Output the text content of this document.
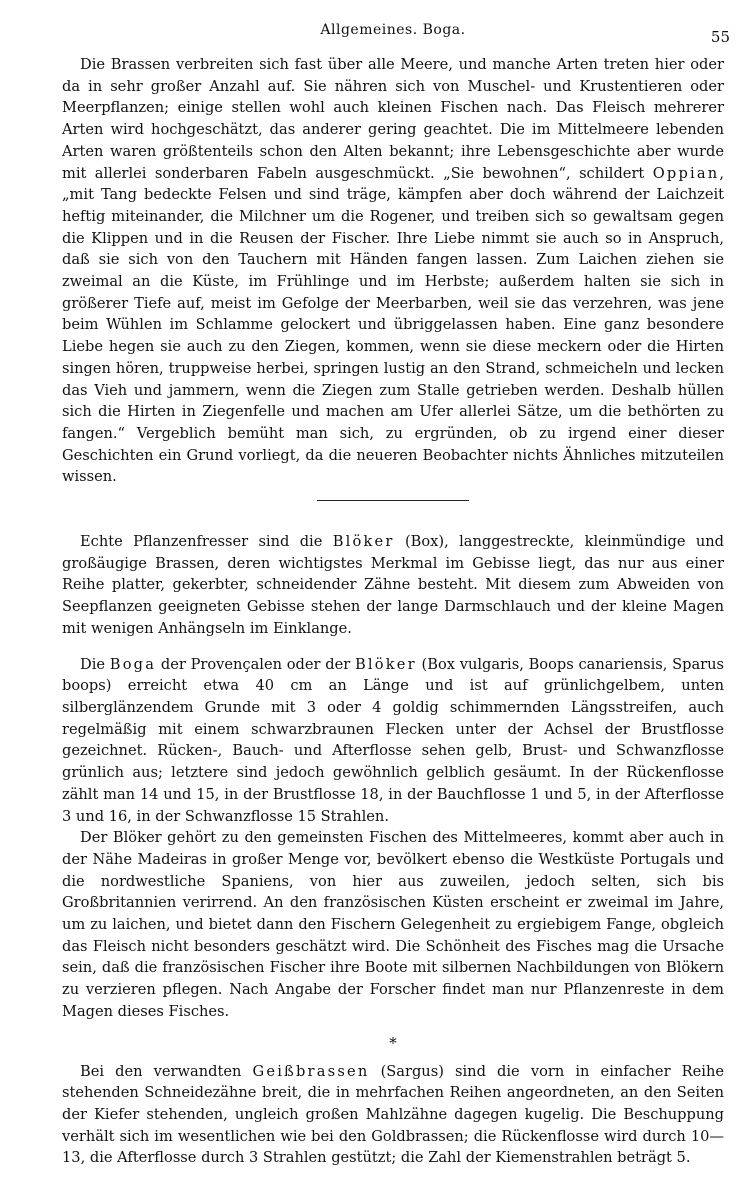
Allgemeines. Boga.	55

Die Brassen verbreiten sich fast über alle Meere, und manche Arten treten hier oder da in sehr großer Anzahl auf. Sie nähren sich von Muschel- und Krustentieren oder Meerpflanzen; einige stellen wohl auch kleinen Fischen nach. Das Fleisch mehrerer Arten wird hochgeschätzt, das anderer gering geachtet. Die im Mittelmeere lebenden Arten waren größtenteils schon den Alten bekannt; ihre Lebensgeschichte aber wurde mit allerlei sonderbaren Fabeln ausgeschmückt. „Sie bewohnen“, schildert Oppian, „mit Tang bedeckte Felsen und sind träge, kämpfen aber doch während der Laichzeit heftig miteinander, die Milchner um die Rogener, und treiben sich so gewaltsam gegen die Klippen und in die Reusen der Fischer. Ihre Liebe nimmt sie auch so in Anspruch, daß sie sich von den Tauchern mit Händen fangen lassen. Zum Laichen ziehen sie zweimal an die Küste, im Frühlinge und im Herbste; außerdem halten sie sich in größerer Tiefe auf, meist im Gefolge der Meerbarben, weil sie das verzehren, was jene beim Wühlen im Schlamme gelockert und übriggelassen haben. Eine ganz besondere Liebe hegen sie auch zu den Ziegen, kommen, wenn sie diese meckern oder die Hirten singen hören, truppweise herbei, springen lustig an den Strand, schmeicheln und lecken das Vieh und jammern, wenn die Ziegen zum Stalle getrieben werden. Deshalb hüllen sich die Hirten in Ziegenfelle und machen am Ufer allerlei Sätze, um die bethörten zu fangen.“ Vergeblich bemüht man sich, zu ergründen, ob zu irgend einer dieser Geschichten ein Grund vorliegt, da die neueren Beobachter nichts Ähnliches mitzuteilen wissen.

Echte Pflanzenfresser sind die Blöker (Box), langgestreckte, kleinmündige und großäugige Brassen, deren wichtigstes Merkmal im Gebisse liegt, das nur aus einer Reihe platter, gekerbter, schneidender Zähne besteht. Mit diesem zum Abweiden von Seepflanzen geeigneten Gebisse stehen der lange Darmschlauch und der kleine Magen mit wenigen Anhängseln im Einklange.

Die Boga der Provençalen oder der Blöker (Box vulgaris, Boops canariensis, Sparus boops) erreicht etwa 40 cm an Länge und ist auf grünlichgelbem, unten silberglänzendem Grunde mit 3 oder 4 goldig schimmernden Längsstreifen, auch regelmäßig mit einem schwarzbraunen Flecken unter der Achsel der Brustflosse gezeichnet. Rücken-, Bauch- und Afterflosse sehen gelb, Brust- und Schwanzflosse grünlich aus; letztere sind jedoch gewöhnlich gelblich gesäumt. In der Rückenflosse zählt man 14 und 15, in der Brustflosse 18, in der Bauchflosse 1 und 5, in der Afterflosse 3 und 16, in der Schwanzflosse 15 Strahlen.

Der Blöker gehört zu den gemeinsten Fischen des Mittelmeeres, kommt aber auch in der Nähe Madeiras in großer Menge vor, bevölkert ebenso die Westküste Portugals und die nordwestliche Spaniens, von hier aus zuweilen, jedoch selten, sich bis Großbritannien verirrend. An den französischen Küsten erscheint er zweimal im Jahre, um zu laichen, und bietet dann den Fischern Gelegenheit zu ergiebigem Fange, obgleich das Fleisch nicht besonders geschätzt wird. Die Schönheit des Fisches mag die Ursache sein, daß die französischen Fischer ihre Boote mit silbernen Nachbildungen von Blökern zu verzieren pflegen. Nach Angabe der Forscher findet man nur Pflanzenreste in dem Magen dieses Fisches.

*

Bei den verwandten Geißbrassen (Sargus) sind die vorn in einfacher Reihe stehenden Schneidezähne breit, die in mehrfachen Reihen angeordneten, an den Seiten der Kiefer stehenden, ungleich großen Mahlzähne dagegen kugelig. Die Beschuppung verhält sich im wesentlichen wie bei den Goldbrassen; die Rückenflosse wird durch 10—13, die Afterflosse durch 3 Strahlen gestützt; die Zahl der Kiemenstrahlen beträgt 5.
